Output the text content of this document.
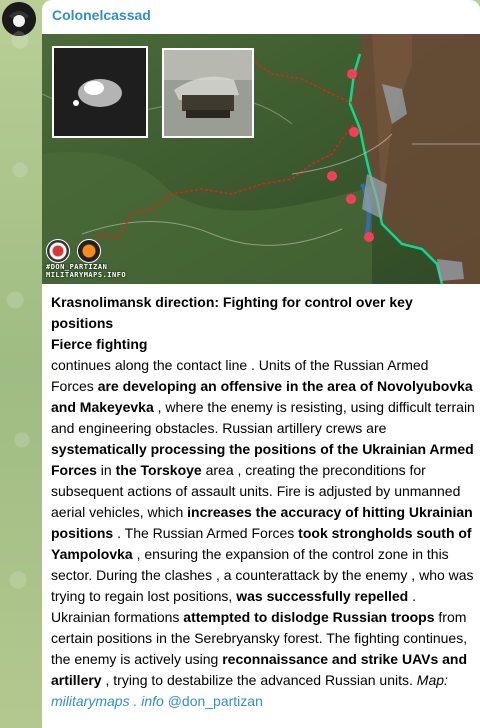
Colonelcassad

#DON_PARTIZAN
MILITARYMAPS.INFO
Krasnolimansk direction: Fighting for control over key positions
Fierce fighting
continues along the contact line . Units of the Russian Armed Forces are developing an offensive in the area of Novolyubovka and Makeyevka , where the enemy is resisting, using difficult terrain and engineering obstacles. Russian artillery crews are systematically processing the positions of the Ukrainian Armed Forces in the Torskoye area , creating the preconditions for subsequent actions of assault units. Fire is adjusted by unmanned aerial vehicles, which increases the accuracy of hitting Ukrainian positions . The Russian Armed Forces took strongholds south of Yampolovka , ensuring the expansion of the control zone in this sector. During the clashes , a counterattack by the enemy , who was trying to regain lost positions, was successfully repelled . Ukrainian formations attempted to dislodge Russian troops from certain positions in the Serebryansky forest. The fighting continues, the enemy is actively using reconnaissance and strike UAVs and artillery , trying to destabilize the advanced Russian units. Map: militarymaps . info @don_partizan
